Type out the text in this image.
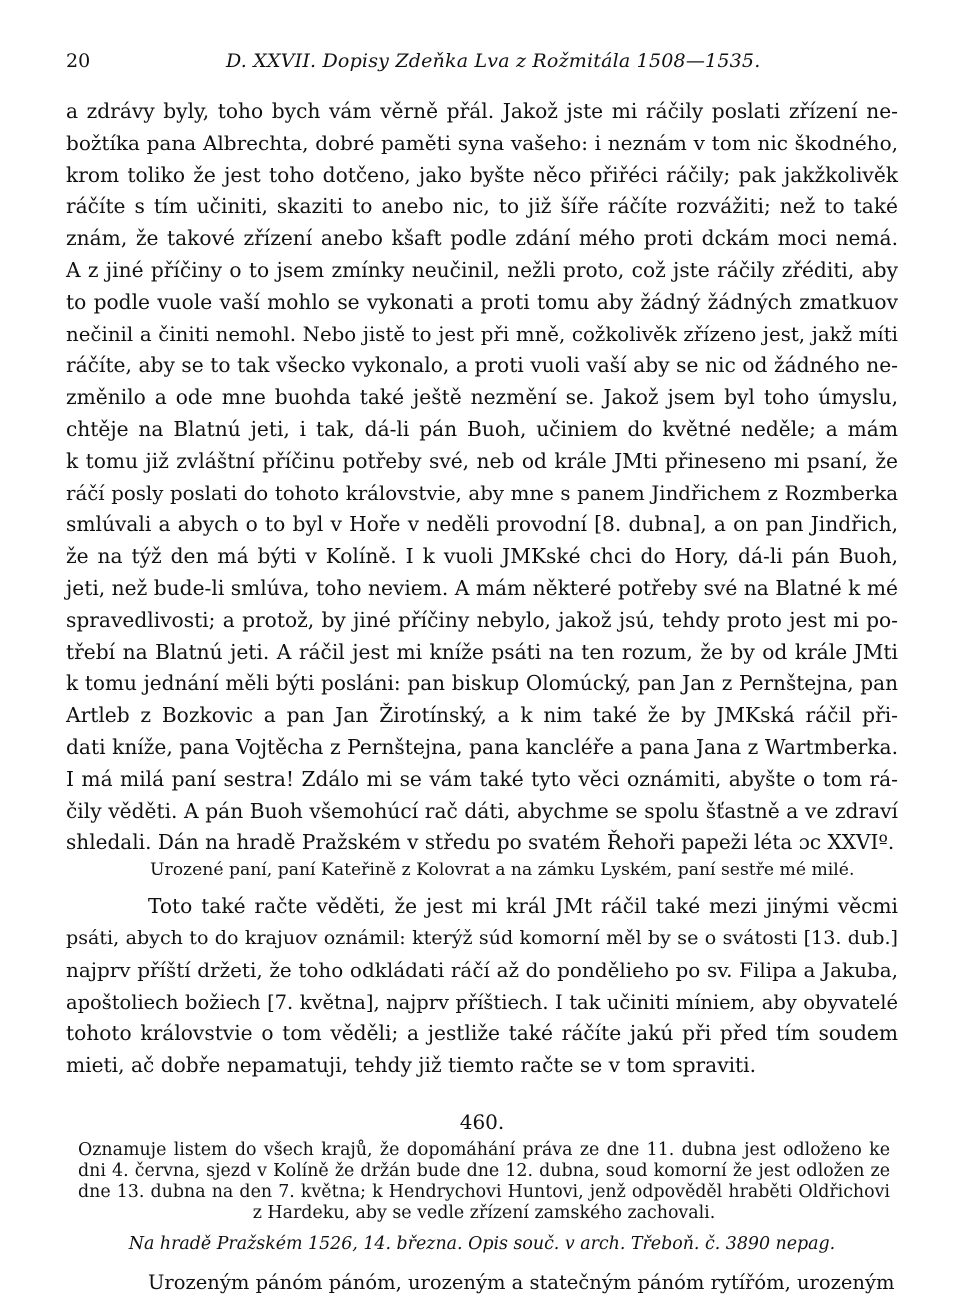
20	D. XXVII. Dopisy Zdeňka Lva z Rožmitála 1508—1535.
a zdrávy byly, toho bych vám věrně přál. Jakož jste mi ráčily poslati zřízení ne-
božtíka pana Albrechta, dobré paměti syna vašeho: i neznám v tom nic škodného,
krom toliko že jest toho dotčeno, jako byšte něco přiřéci ráčily; pak jakžkolivěk
ráčíte s tím učiniti, skaziti to anebo nic, to již šíře ráčíte rozvážiti; než to také
znám, že takové zřízení anebo kšaft podle zdání mého proti dckám moci nemá.
A z jiné příčiny o to jsem zmínky neučinil, nežli proto, což jste ráčily zřéditi, aby
to podle vuole vaší mohlo se vykonati a proti tomu aby žádný žádných zmatkuov
nečinil a činiti nemohl. Nebo jistě to jest při mně, cožkolivěk zřízeno jest, jakž míti
ráčíte, aby se to tak všecko vykonalo, a proti vuoli vaší aby se nic od žádného ne-
změnilo a ode mne buohda také ještě nezmění se. Jakož jsem byl toho úmyslu,
chtěje na Blatnú jeti, i tak, dá-li pán Buoh, učiniem do květné neděle; a mám
k tomu již zvláštní příčinu potřeby své, neb od krále JMti přineseno mi psaní, že
ráčí posly poslati do tohoto královstvie, aby mne s panem Jindřichem z Rozmberka
smlúvali a abych o to byl v Hoře v neděli provodní [8. dubna], a on pan Jindřich,
že na týž den má býti v Kolíně. I k vuoli JMKské chci do Hory, dá-li pán Buoh,
jeti, než bude-li smlúva, toho neviem. A mám některé potřeby své na Blatné k mé
spravedlivosti; a protož, by jiné příčiny nebylo, jakož jsú, tehdy proto jest mi po-
třebí na Blatnú jeti. A ráčil jest mi kníže psáti na ten rozum, že by od krále JMti
k tomu jednání měli býti posláni: pan biskup Olomúcký, pan Jan z Pernštejna, pan
Artleb z Bozkovic a pan Jan Žirotínský, a k nim také že by JMKská ráčil při-
dati kníže, pana Vojtěcha z Pernštejna, pana kancléře a pana Jana z Wartmberka.
I má milá paní sestra! Zdálo mi se vám také tyto věci oznámiti, abyšte o tom rá-
čily věděti. A pán Buoh všemohúcí rač dáti, abychme se spolu šťastně a ve zdraví
shledali. Dán na hradě Pražském v středu po svatém Řehoři papeži léta ɔc XXVIº.
Urozené paní, paní Kateřině z Kolovrat a na zámku Lyském, paní sestře mé milé.
Toto také račte věděti, že jest mi král JMt ráčil také mezi jinými věcmi
psáti, abych to do krajuov oznámil: kterýž súd komorní měl by se o svátosti [13. dub.]
najprv příští držeti, že toho odkládati ráčí až do pondělieho po sv. Filipa a Jakuba,
apoštoliech božiech [7. května], najprv příštiech. I tak učiniti míniem, aby obyvatelé
tohoto královstvie o tom věděli; a jestliže také ráčíte jakú při před tím soudem
mieti, ač dobře nepamatuji, tehdy již tiemto račte se v tom spraviti.
460.
Oznamuje listem do všech krajů, že dopomáhání práva ze dne 11. dubna jest odloženo ke
dni 4. června, sjezd v Kolíně že držán bude dne 12. dubna, soud komorní že jest odložen ze
dne 13. dubna na den 7. května; k Hendrychovi Huntovi, jenž odpověděl hraběti Oldřichovi
z Hardeku, aby se vedle zřízení zamského zachovali.
Na hradě Pražském 1526, 14. března. Opis souč. v arch. Třeboň. č. 3890 nepag.
Urozeným pánóm pánóm, urozeným a statečným pánóm rytířóm, urozeným
